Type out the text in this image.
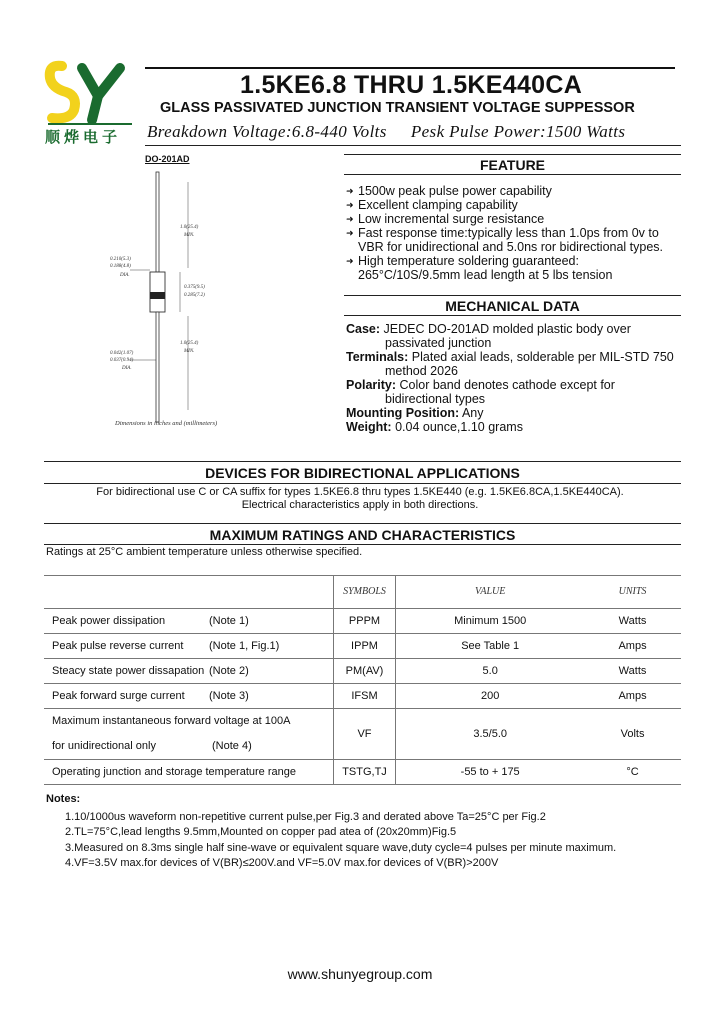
顺烨电子
1.5KE6.8 THRU 1.5KE440CA
GLASS PASSIVATED JUNCTION TRANSIENT VOLTAGE SUPPESSOR
Breakdown Voltage:6.8-440 Volts Pesk Pulse Power:1500 Watts
DO-201AD
1.0(25.4)
MIN.
0.210(5.3)
0.188(4.8)
DIA.
0.375(9.5)
0.285(7.2)
0.042(1.07)
0.037(0.94)
DIA.
1.0(25.4)
MIN.
Dimensions in inches and (millimeters)
FEATURE
➜ 1500w peak pulse power capability
➜ Excellent clamping capability
➜ Low incremental surge resistance
➜ Fast response time:typically less than 1.0ps from 0v to
VBR for unidirectional and 5.0ns ror bidirectional types.
➜ High temperature soldering guaranteed:
265°C/10S/9.5mm lead length at 5 lbs tension
MECHANICAL DATA
Case: JEDEC DO-201AD molded plastic body over
passivated junction
Terminals: Plated axial leads, solderable per MIL-STD 750
method 2026
Polarity: Color band denotes cathode except for
bidirectional types
Mounting Position: Any
Weight: 0.04 ounce,1.10 grams
DEVICES FOR BIDIRECTIONAL APPLICATIONS
For bidirectional use C or CA suffix for types 1.5KE6.8 thru types 1.5KE440 (e.g. 1.5KE6.8CA,1.5KE440CA).
Electrical characteristics apply in both directions.
MAXIMUM RATINGS AND CHARACTERISTICS
Ratings at 25°C ambient temperature unless otherwise specified.
	SYMBOLS	VALUE	UNITS
Peak power dissipation (Note 1)	PPPM	Minimum 1500	Watts
Peak pulse reverse current (Note 1, Fig.1)	IPPM	See Table 1	Amps
Steacy state power dissapation (Note 2)	PM(AV)	5.0	Watts
Peak forward surge current (Note 3)	IFSM	200	Amps
Maximum instantaneous forward voltage at 100A
for unidirectional only (Note 4)	VF	3.5/5.0	Volts
Operating junction and storage temperature range	TSTG,TJ	-55 to + 175	°C
Notes:
1.10/1000us waveform non-repetitive current pulse,per Fig.3 and derated above Ta=25°C per Fig.2
2.TL=75°C,lead lengths 9.5mm,Mounted on copper pad atea of (20x20mm)Fig.5
3.Measured on 8.3ms single half sine-wave or equivalent square wave,duty cycle=4 pulses per minute maximum.
4.VF=3.5V max.for devices of V(BR)≤200V.and VF=5.0V max.for devices of V(BR)>200V
www.shunyegroup.com
